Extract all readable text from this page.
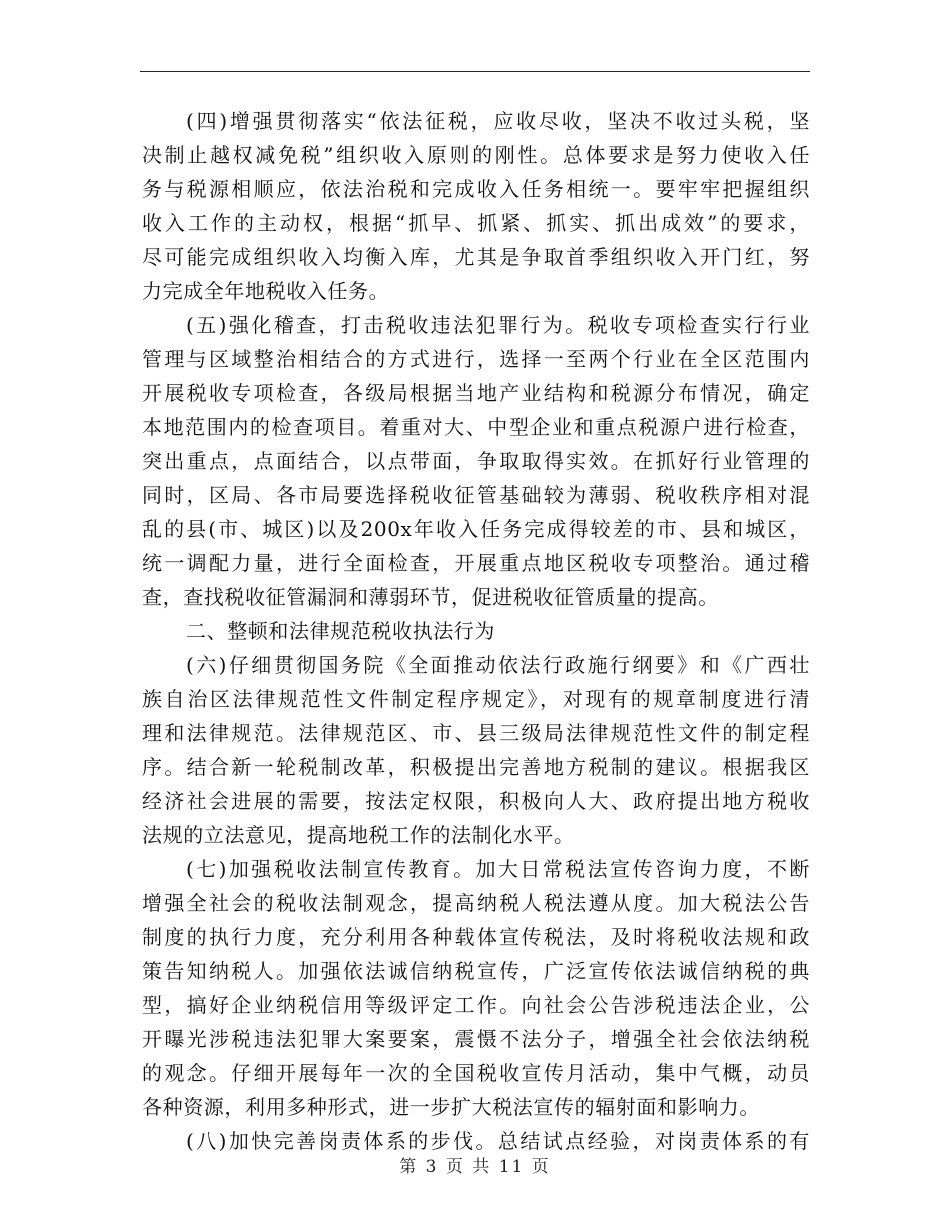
(四)增强贯彻落实“依法征税，应收尽收，坚决不收过头税，坚
决制止越权减免税”组织收入原则的刚性。总体要求是努力使收入任
务与税源相顺应，依法治税和完成收入任务相统一。要牢牢把握组织
收入工作的主动权，根据“抓早、抓紧、抓实、抓出成效”的要求，
尽可能完成组织收入均衡入库，尤其是争取首季组织收入开门红，努
力完成全年地税收入任务。
(五)强化稽查，打击税收违法犯罪行为。税收专项检查实行行业
管理与区域整治相结合的方式进行，选择一至两个行业在全区范围内
开展税收专项检查，各级局根据当地产业结构和税源分布情况，确定
本地范围内的检查项目。着重对大、中型企业和重点税源户进行检查，
突出重点，点面结合，以点带面，争取取得实效。在抓好行业管理的
同时，区局、各市局要选择税收征管基础较为薄弱、税收秩序相对混
乱的县(市、城区)以及200x年收入任务完成得较差的市、县和城区，
统一调配力量，进行全面检查，开展重点地区税收专项整治。通过稽
查，查找税收征管漏洞和薄弱环节，促进税收征管质量的提高。
二、整顿和法律规范税收执法行为
(六)仔细贯彻国务院《全面推动依法行政施行纲要》和《广西壮
族自治区法律规范性文件制定程序规定》，对现有的规章制度进行清
理和法律规范。法律规范区、市、县三级局法律规范性文件的制定程
序。结合新一轮税制改革，积极提出完善地方税制的建议。根据我区
经济社会进展的需要，按法定权限，积极向人大、政府提出地方税收
法规的立法意见，提高地税工作的法制化水平。
(七)加强税收法制宣传教育。加大日常税法宣传咨询力度，不断
增强全社会的税收法制观念，提高纳税人税法遵从度。加大税法公告
制度的执行力度，充分利用各种载体宣传税法，及时将税收法规和政
策告知纳税人。加强依法诚信纳税宣传，广泛宣传依法诚信纳税的典
型，搞好企业纳税信用等级评定工作。向社会公告涉税违法企业，公
开曝光涉税违法犯罪大案要案，震慑不法分子，增强全社会依法纳税
的观念。仔细开展每年一次的全国税收宣传月活动，集中气概，动员
各种资源，利用多种形式，进一步扩大税法宣传的辐射面和影响力。
(八)加快完善岗责体系的步伐。总结试点经验，对岗责体系的有
第 3 页 共 11 页
